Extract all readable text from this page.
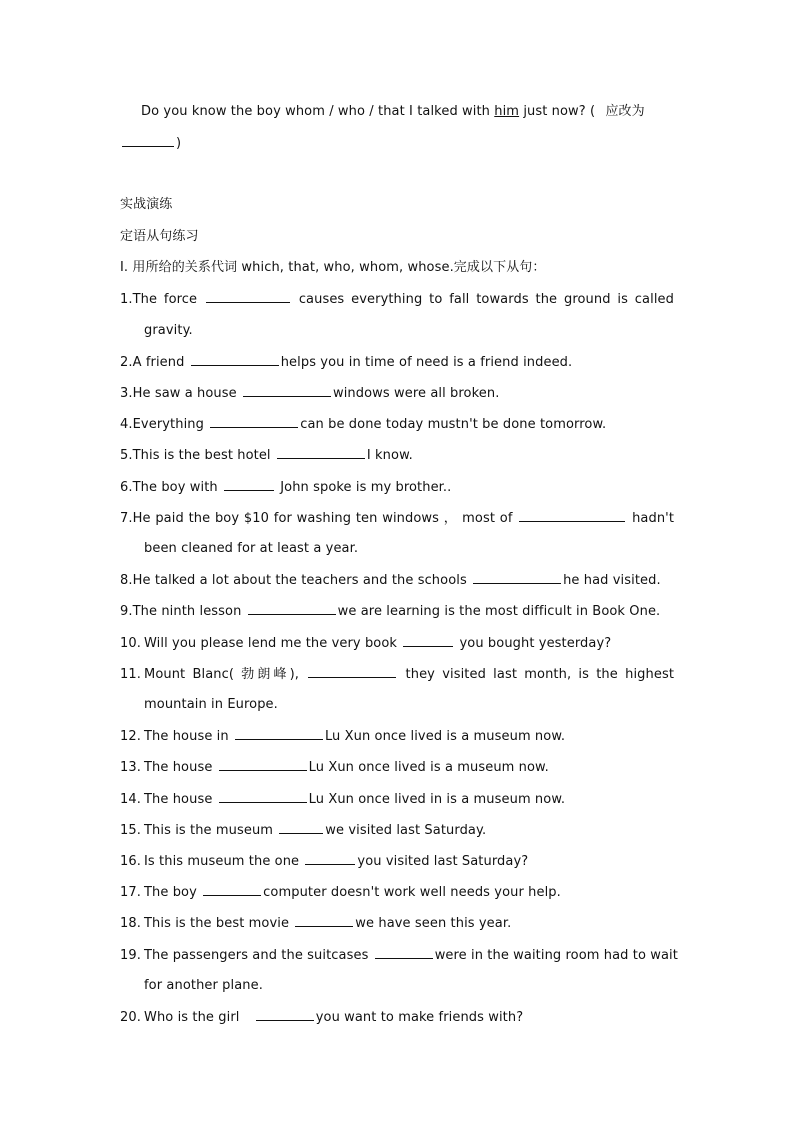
Do you know the boy whom / who / that I talked with him just now? ( 应改为
)
实战演练
定语从句练习
I. 用所给的关系代词 which, that, who, whom, whose.完成以下从句：
1.The force	causes everything to fall towards the ground is called
gravity.
2.A friend	helps you in time of need is a friend indeed.
3.He saw a house	windows were all broken.
4.Everything	can be done today mustn't be done tomorrow.
5.This is the best hotel	I know.
6.The boy with	John spoke is my brother..
7.He paid the boy $10 for washing ten windows ， most of	hadn't
been cleaned for at least a year.
8.He talked a lot about the teachers and the schools	he had visited.
9.The ninth lesson	we are learning is the most difficult in Book One.
10. Will you please lend me the very book	you bought yesterday?
11. Mount Blanc( 勃朗峰),	they visited last month, is the highest
mountain in Europe.
12. The house in	Lu Xun once lived is a museum now.
13. The house	Lu Xun once lived is a museum now.
14. The house	Lu Xun once lived in is a museum now.
15. This is the museum	we visited last Saturday.
16. Is this museum the one	you visited last Saturday?
17. The boy	computer doesn't work well needs your help.
18. This is the best movie	we have seen this year.
19. The passengers and the suitcases	were in the waiting room had to wait
for another plane.
20. Who is the girl	you want to make friends with?
